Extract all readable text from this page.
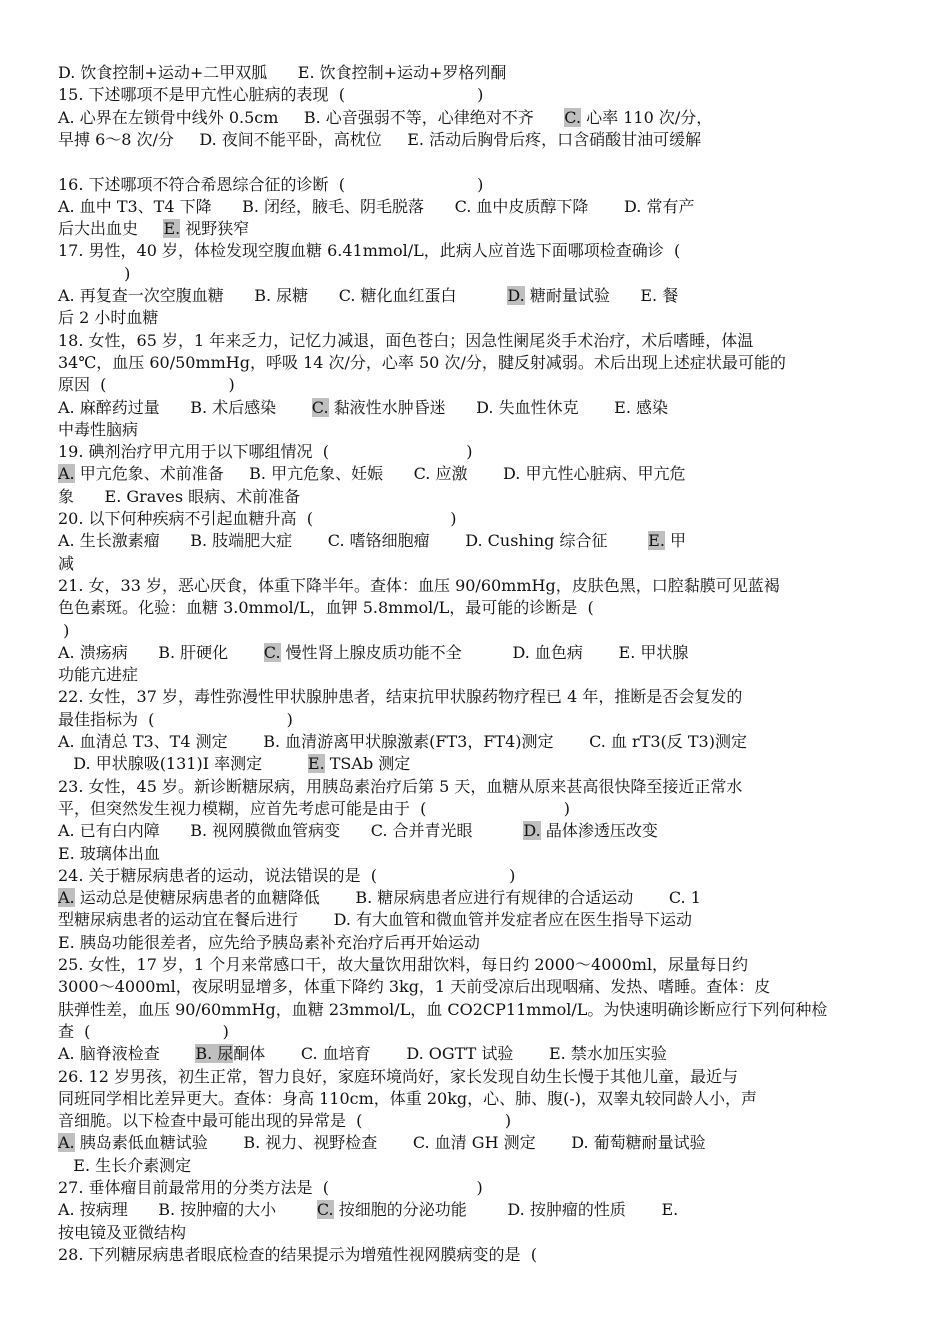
D. 饮食控制+运动+二甲双胍      E. 饮食控制+运动+罗格列酮
15. 下述哪项不是甲亢性心脏病的表现  (                          )
A. 心界在左锁骨中线外 0.5cm     B. 心音强弱不等，心律绝对不齐      C. 心率 110 次/分，
早搏 6～8 次/分     D. 夜间不能平卧，高枕位     E. 活动后胸骨后疼，口含硝酸甘油可缓解
16. 下述哪项不符合希恩综合征的诊断  (                          )
A. 血中 T3、T4 下降      B. 闭经，腋毛、阴毛脱落      C. 血中皮质醇下降       D. 常有产
后大出血史     E. 视野狭窄
17. 男性，40 岁，体检发现空腹血糖 6.41mmol/L，此病人应首选下面哪项检查确诊  (
)
A. 再复查一次空腹血糖      B. 尿糖      C. 糖化血红蛋白          D. 糖耐量试验      E. 餐
后 2 小时血糖
18. 女性，65 岁，1 年来乏力，记忆力减退，面色苍白；因急性阑尾炎手术治疗，术后嗜睡，体温
34℃，血压 60/50mmHg，呼吸 14 次/分，心率 50 次/分，腱反射减弱。术后出现上述症状最可能的
原因  (                        )
A. 麻醉药过量      B. 术后感染       C. 黏液性水肿昏迷      D. 失血性休克       E. 感染
中毒性脑病
19. 碘剂治疗甲亢用于以下哪组情况  (                           )
A. 甲亢危象、术前准备     B. 甲亢危象、妊娠      C. 应激       D. 甲亢性心脏病、甲亢危
象      E. Graves 眼病、术前准备
20. 以下何种疾病不引起血糖升高  (                           )
A. 生长激素瘤      B. 肢端肥大症       C. 嗜铬细胞瘤       D. Cushing 综合征        E. 甲
减
21. 女，33 岁，恶心厌食，体重下降半年。查体：血压 90/60mmHg，皮肤色黑，口腔黏膜可见蓝褐
色色素斑。化验：血糖 3.0mmol/L，血钾 5.8mmol/L，最可能的诊断是  (
)
A. 溃疡病      B. 肝硬化       C. 慢性肾上腺皮质功能不全          D. 血色病       E. 甲状腺
功能亢进症
22. 女性，37 岁，毒性弥漫性甲状腺肿患者，结束抗甲状腺药物疗程已 4 年，推断是否会复发的
最佳指标为  (                          )
A. 血清总 T3、T4 测定       B. 血清游离甲状腺激素(FT3，FT4)测定       C. 血 rT3(反 T3)测定
D. 甲状腺吸(131)I 率测定         E. TSAb 测定
23. 女性，45 岁。新诊断糖尿病，用胰岛素治疗后第 5 天，血糖从原来甚高很快降至接近正常水
平，但突然发生视力模糊，应首先考虑可能是由于  (                           )
A. 已有白内障      B. 视网膜微血管病变      C. 合并青光眼          D. 晶体渗透压改变
E. 玻璃体出血
24. 关于糖尿病患者的运动，说法错误的是  (                          )
A. 运动总是使糖尿病患者的血糖降低       B. 糖尿病患者应进行有规律的合适运动       C. 1
型糖尿病患者的运动宜在餐后进行       D. 有大血管和微血管并发症者应在医生指导下运动
E. 胰岛功能很差者，应先给予胰岛素补充治疗后再开始运动
25. 女性，17 岁，1 个月来常感口干，故大量饮用甜饮料，每日约 2000～4000ml，尿量每日约
3000～4000ml，夜尿明显增多，体重下降约 3kg，1 天前受凉后出现咽痛、发热、嗜睡。查体：皮
肤弹性差，血压 90/60mmHg，血糖 23mmol/L，血 CO2CP11mmol/L。为快速明确诊断应行下列何种检
查  (                          )
A. 脑脊液检查       B. 尿酮体       C. 血培育       D. OGTT 试验       E. 禁水加压实验
26. 12 岁男孩，初生正常，智力良好，家庭环境尚好，家长发现自幼生长慢于其他儿童，最近与
同班同学相比差异更大。查体：身高 110cm，体重 20kg，心、肺、腹(-)，双睾丸较同龄人小，声
音细脆。以下检查中最可能出现的异常是  (                            )
A. 胰岛素低血糖试验       B. 视力、视野检查       C. 血清 GH 测定       D. 葡萄糖耐量试验
E. 生长介素测定
27. 垂体瘤目前最常用的分类方法是  (                             )
A. 按病理      B. 按肿瘤的大小        C. 按细胞的分泌功能        D. 按肿瘤的性质       E.
按电镜及亚微结构
28. 下列糖尿病患者眼底检查的结果提示为增殖性视网膜病变的是  (
